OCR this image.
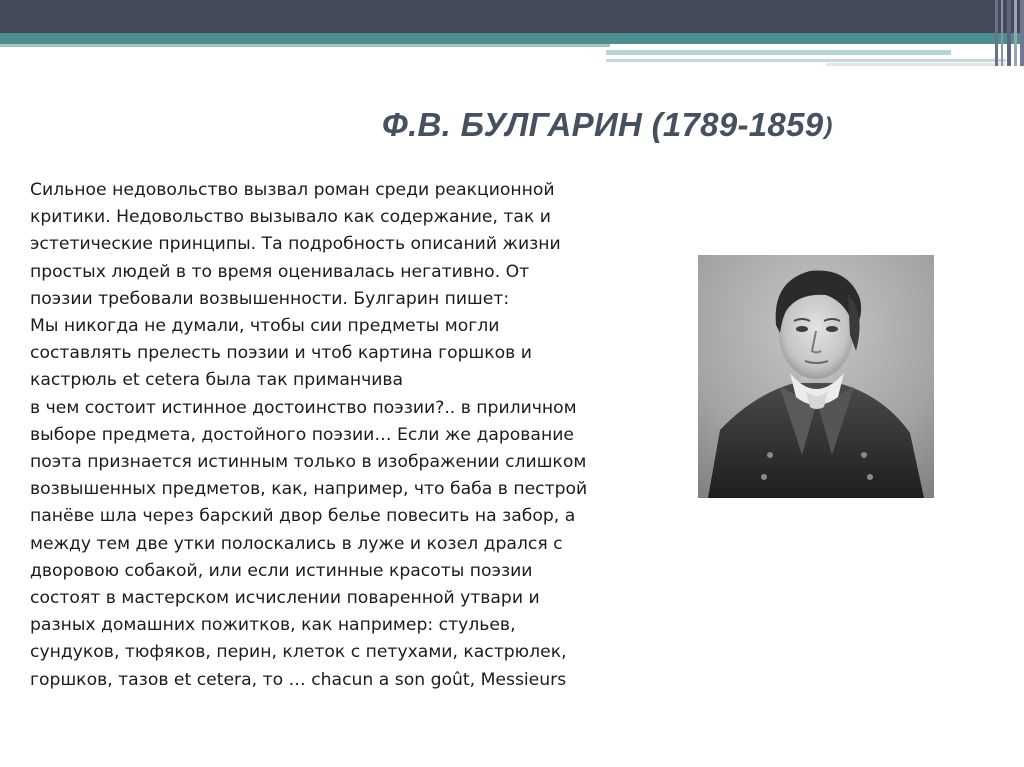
Ф.В. БУЛГАРИН (1789-1859)
Сильное недовольство вызвал роман среди реакционной
критики. Недовольство вызывало как содержание, так и
эстетические принципы. Та подробность описаний жизни
простых людей в то время оценивалась негативно. От
поэзии требовали возвышенности. Булгарин пишет:
Мы никогда не думали, чтобы сии предметы могли
составлять прелесть поэзии и чтоб картина горшков и
кастрюль et cetera была так приманчива
в чем состоит истинное достоинство поэзии?.. в приличном
выборе предмета, достойного поэзии… Если же дарование
поэта признается истинным только в изображении слишком
возвышенных предметов, как, например, что баба в пестрой
панёве шла через барский двор белье повесить на забор, а
между тем две утки полоскались в луже и козел дрался с
дворовою собакой, или если истинные красоты поэзии
состоят в мастерском исчислении поваренной утвари и
разных домашних пожитков, как например: стульев,
сундуков, тюфяков, перин, клеток с петухами, кастрюлек,
горшков, тазов et cetera, то … chacun a son goût, Messieurs
